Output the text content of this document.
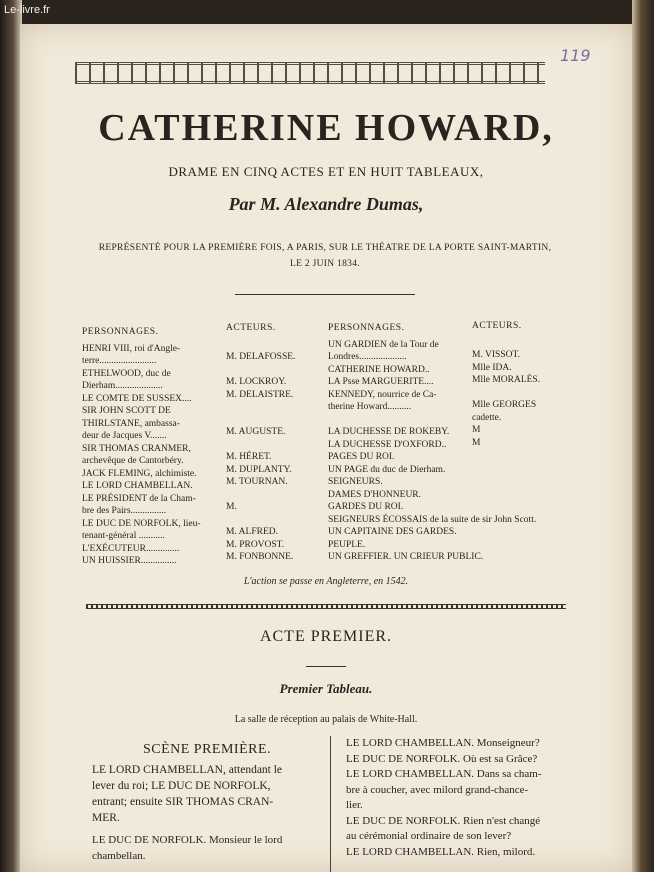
Le-livre.fr
119
CATHERINE HOWARD,
DRAME EN CINQ ACTES ET EN HUIT TABLEAUX,
Par M. Alexandre Dumas,
REPRÉSENTÉ POUR LA PREMIÈRE FOIS, A PARIS, SUR LE THÉATRE DE LA PORTE SAINT-MARTIN,
LE 2 JUIN 1834.
PERSONNAGES.
HENRI VIII, roi d'Angle-
terre........................
ETHELWOOD, duc de
Dierham....................
LE COMTE DE SUSSEX....
SIR JOHN SCOTT DE
THIRLSTANE, ambassa-
deur de Jacques V.......
SIR THOMAS CRANMER,
archevêque de Cantorbéry.
JACK FLEMING, alchimiste.
LE LORD CHAMBELLAN.
LE PRÉSIDENT de la Cham-
bre des Pairs...............
LE DUC DE NORFOLK, lieu-
tenant-général ...........
L'EXÉCUTEUR..............
UN HUISSIER...............
ACTEURS.

M. DELAFOSSE.

M. LOCKROY.
M. DELAISTRE.

M. AUGUSTE.

M. HÉRET.
M. DUPLANTY.
M. TOURNAN.

M.

M. ALFRED.
M. PROVOST.
M. FONBONNE.
PERSONNAGES.
UN GARDIEN de la Tour de
Londres....................
CATHERINE HOWARD..
LA Psse MARGUERITE....
KENNEDY, nourrice de Ca-
therine Howard..........

LA DUCHESSE DE ROKEBY.
LA DUCHESSE D'OXFORD..
PAGES DU ROI.
UN PAGE du duc de Dierham.
SEIGNEURS.
DAMES D'HONNEUR.
GARDES DU ROI.
SEIGNEURS ÉCOSSAIS de la suite de sir John Scott.
UN CAPITAINE DES GARDES.
PEUPLE.
UN GREFFIER. UN CRIEUR PUBLIC.
ACTEURS.

M. VISSOT.
Mlle IDA.
Mlle MORALÈS.

Mlle GEORGES
cadette.
M
M

L'action se passe en Angleterre, en 1542.
ACTE PREMIER.
Premier Tableau.
La salle de réception au palais de White-Hall.
SCÈNE PREMIÈRE.
LE LORD CHAMBELLAN, attendant le
lever du roi; LE DUC DE NORFOLK,
entrant; ensuite SIR THOMAS CRAN-
MER.
LE DUC DE NORFOLK. Monsieur le lord
chambellan.
LE LORD CHAMBELLAN. Monseigneur?
LE DUC DE NORFOLK. Où est sa Grâce?
LE LORD CHAMBELLAN. Dans sa cham-
bre à coucher, avec milord grand-chance-
lier.
LE DUC DE NORFOLK. Rien n'est changé
au cérémonial ordinaire de son lever?
LE LORD CHAMBELLAN. Rien, milord.
